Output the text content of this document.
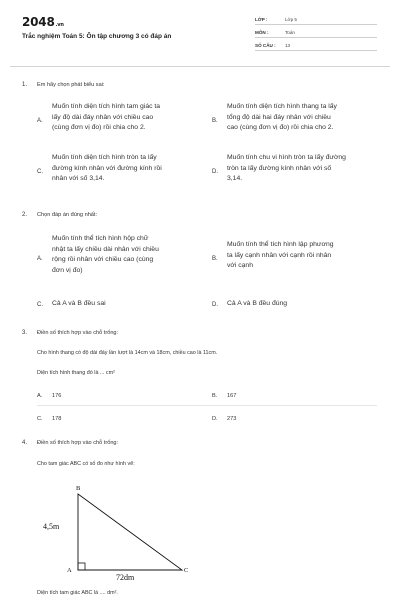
2048.vn
Trắc nghiệm Toán 5: Ôn tập chương 3 có đáp án
LỚP :	Lớp 5
MÔN :	Toán
SỐ CÂU : 13
1. Em hãy chọn phát biểu sai:
A.
Muốn tính diện tích hình tam giác ta
lấy độ dài đáy nhân với chiều cao
(cùng đơn vị đo) rồi chia cho 2.
B.
Muốn tính diện tích hình thang ta lấy
tổng độ dài hai đáy nhân với chiều
cao (cùng đơn vị đo) rồi chia cho 2.
C.
Muốn tính diện tích hình tròn ta lấy
đường kính nhân với đường kính rồi
nhân với số 3,14.
D.
Muốn tính chu vi hình tròn ta lấy đường
tròn ta lấy đường kính nhân với số
3,14.
2. Chọn đáp án đúng nhất:
A.
Muốn tính thể tích hình hộp chữ
nhật ta lấy chiều dài nhân với chiều
rộng rồi nhân với chiều cao (cùng
đơn vị đo)
B.
Muốn tính thể tích hình lập phương
ta lấy cạnh nhân với cạnh rồi nhân
với cạnh
C. Cả A và B đều sai	D. Cả A và B đều đúng
3. Điền số thích hợp vào chỗ trống:
Cho hình thang có độ dài đáy lần lượt là 14cm và 18cm, chiều cao là 11cm.
Diện tích hình thang đó là ... cm²
A. 176	B. 167
C. 178	D. 273
4. Điền số thích hợp vào chỗ trống:
Cho tam giác ABC có số đo như hình vẽ:
B
A	C
4,5m
72dm
Diện tích tam giác ABC là .... dm².
